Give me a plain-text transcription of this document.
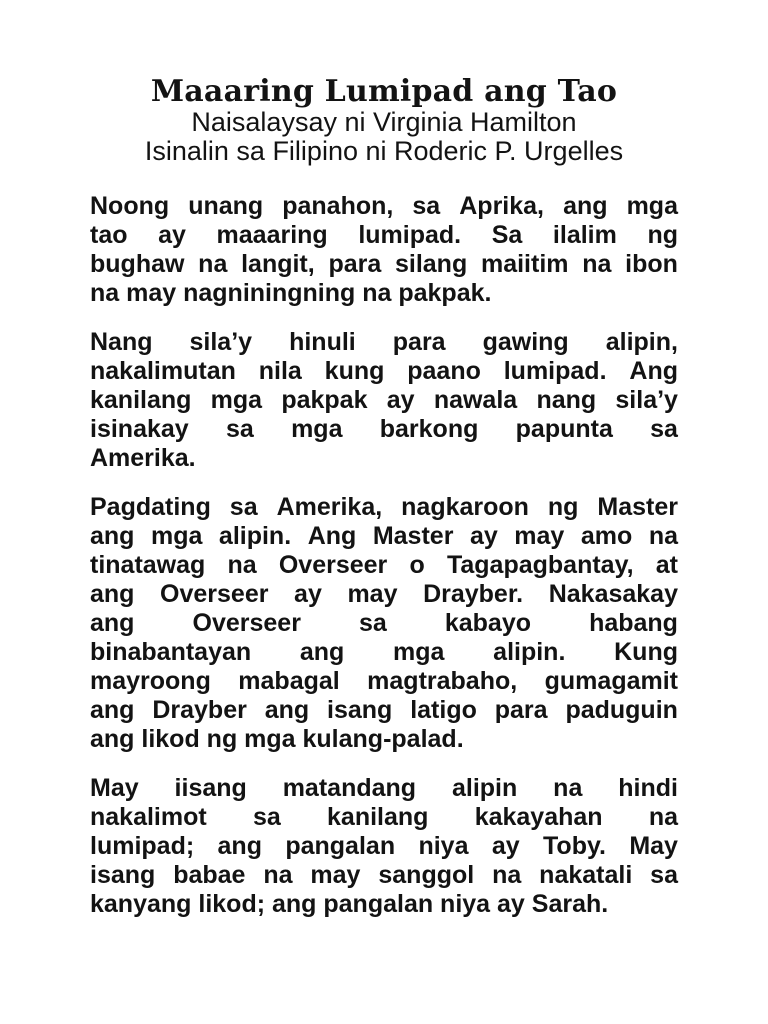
Maaaring Lumipad ang Tao
Naisalaysay ni Virginia Hamilton
Isinalin sa Filipino ni Roderic P. Urgelles
Noong unang panahon, sa Aprika, ang mga
tao ay maaaring lumipad. Sa ilalim ng
bughaw na langit, para silang maiitim na ibon
na may nagniningning na pakpak.
Nang sila’y hinuli para gawing alipin,
nakalimutan nila kung paano lumipad. Ang
kanilang mga pakpak ay nawala nang sila’y
isinakay sa mga barkong papunta sa
Amerika.
Pagdating sa Amerika, nagkaroon ng Master
ang mga alipin. Ang Master ay may amo na
tinatawag na Overseer o Tagapagbantay, at
ang Overseer ay may Drayber. Nakasakay
ang Overseer sa kabayo habang
binabantayan ang mga alipin. Kung
mayroong mabagal magtrabaho, gumagamit
ang Drayber ang isang latigo para paduguin
ang likod ng mga kulang-palad.
May iisang matandang alipin na hindi
nakalimot sa kanilang kakayahan na
lumipad; ang pangalan niya ay Toby. May
isang babae na may sanggol na nakatali sa
kanyang likod; ang pangalan niya ay Sarah.
